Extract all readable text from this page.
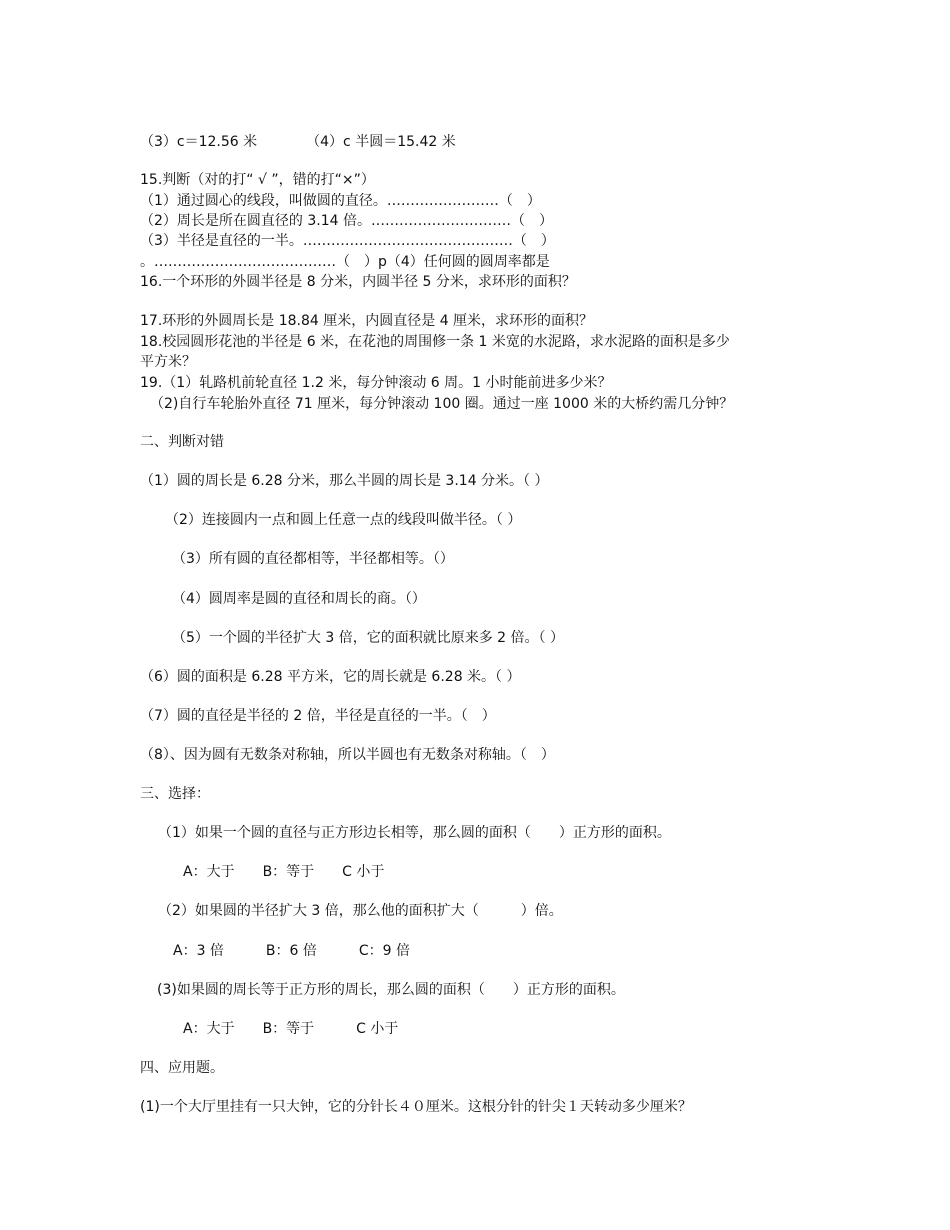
（3）c＝12.56 米　　　　（4）c 半圆＝15.42 米
15.判断（对的打“ √ ”，错的打“×”）
（1）通过圆心的线段，叫做圆的直径。……………………（　）
（2）周长是所在圆直径的 3.14 倍。…………………………（　）
（3）半径是直径的一半。………………………………………（　）
。…………………………………（　）p（4）任何圆的圆周率都是
16.一个环形的外圆半径是 8 分米，内圆半径 5 分米，求环形的面积？
17.环形的外圆周长是 18.84 厘米，内圆直径是 4 厘米，求环形的面积？
18.校园圆形花池的半径是 6 米，在花池的周围修一条 1 米宽的水泥路，求水泥路的面积是多少
平方米？
19.（1）轧路机前轮直径 1.2 米，每分钟滚动 6 周。1 小时能前进多少米？
（2)自行车轮胎外直径 71 厘米，每分钟滚动 100 圈。通过一座 1000 米的大桥约需几分钟？
二、判断对错
（1）圆的周长是 6.28 分米，那么半圆的周长是 3.14 分米。（ ）
（2）连接圆内一点和圆上任意一点的线段叫做半径。（ ）
（3）所有圆的直径都相等，半径都相等。（）
（4）圆周率是圆的直径和周长的商。（）
（5）一个圆的半径扩大 3 倍，它的面积就比原来多 2 倍。（ ）
（6）圆的面积是 6.28 平方米，它的周长就是 6.28 米。（ ）
（7）圆的直径是半径的 2 倍，半径是直径的一半。（　）
（8）、因为圆有无数条对称轴，所以半圆也有无数条对称轴。（　）
三、选择：
（1）如果一个圆的直径与正方形边长相等，那么圆的面积（　　）正方形的面积。
A：大于　　B：等于　　C 小于
（2）如果圆的半径扩大 3 倍，那么他的面积扩大（　　　）倍。
A：3 倍　　　B：6 倍　　　C：9 倍
(3)如果圆的周长等于正方形的周长，那么圆的面积（　　）正方形的面积。
A：大于　　B：等于　　　C 小于
四、应用题。
(1)一个大厅里挂有一只大钟，它的分针长４０厘米。这根分针的针尖１天转动多少厘米？
